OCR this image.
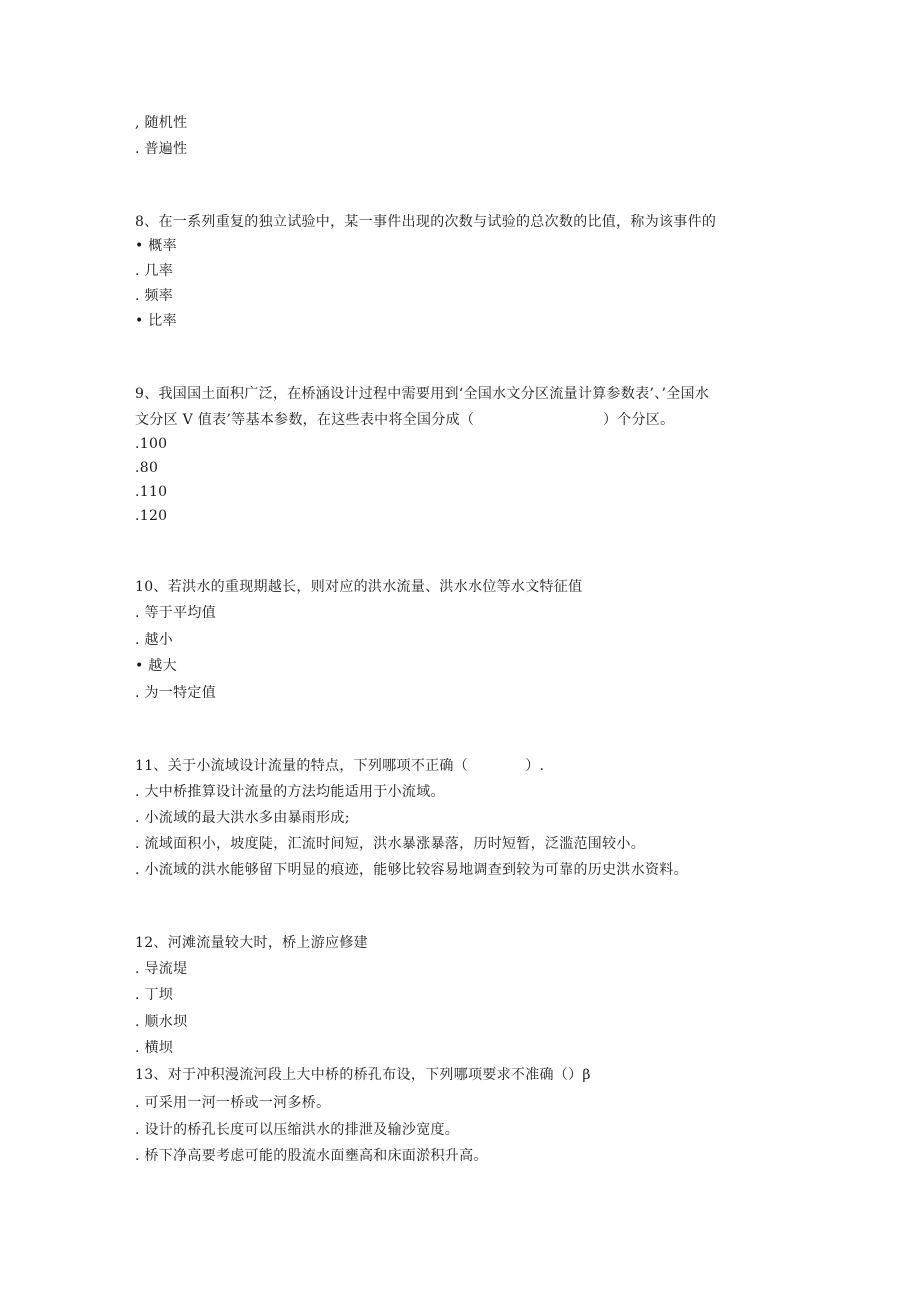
, 随机性
. 普遍性
8、在一系列重复的独立试验中，某一事件出现的次数与试验的总次数的比值，称为该事件的
• 概率
. 几率
. 频率
• 比率
9、我国国土面积广泛，在桥涵设计过程中需要用到‘全国水文分区流量计算参数表’、’全国水
文分区 V 值表’等基本参数，在这些表中将全国分成（　　　　　　　　　）个分区。
.100
.80
.110
.120
10、若洪水的重现期越长，则对应的洪水流量、洪水水位等水文特征值
. 等于平均值
. 越小
• 越大
. 为一特定值
11、关于小流域设计流量的特点，下列哪项不正确（　　　　）.
. 大中桥推算设计流量的方法均能适用于小流域。
. 小流域的最大洪水多由暴雨形成;
. 流域面积小，坡度陡，汇流时间短，洪水暴涨暴落，历时短暂，泛滥范围较小。
. 小流域的洪水能够留下明显的痕迹，能够比较容易地调查到较为可靠的历史洪水资料。
12、河滩流量较大时，桥上游应修建
. 导流堤
. 丁坝
. 顺水坝
. 横坝
13、对于冲积漫流河段上大中桥的桥孔布设，下列哪项要求不准确（）β
. 可采用一河一桥或一河多桥。
. 设计的桥孔长度可以压缩洪水的排泄及输沙宽度。
. 桥下净高要考虑可能的股流水面壅高和床面淤积升高。
